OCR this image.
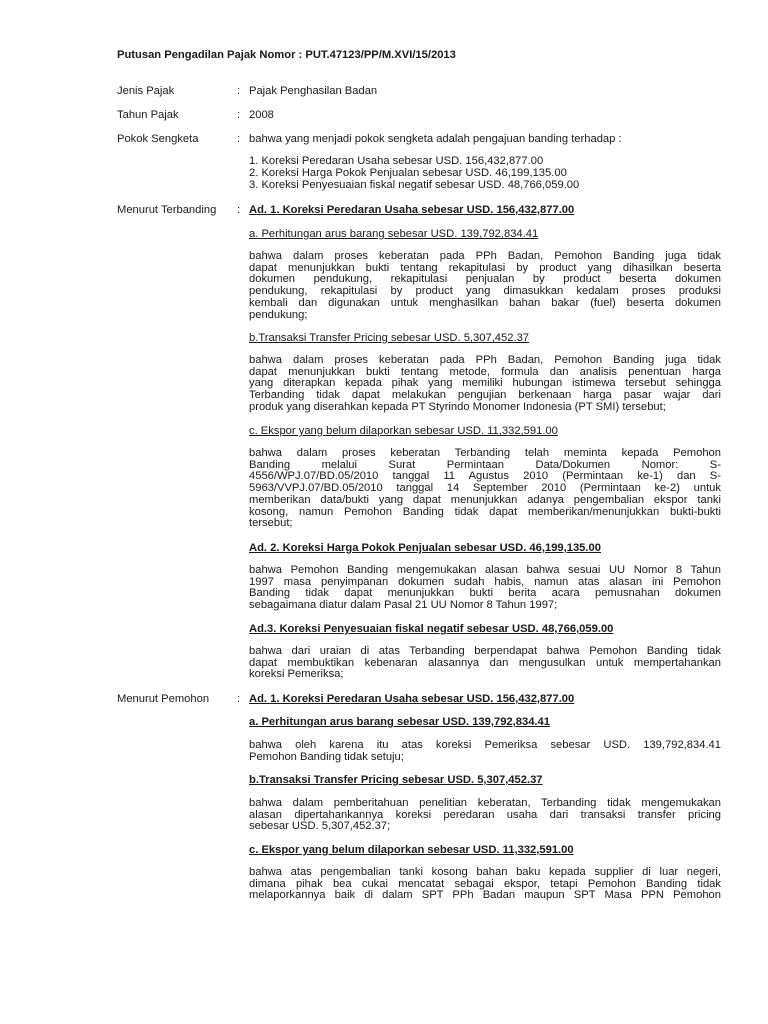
Putusan Pengadilan Pajak Nomor : PUT.47123/PP/M.XVI/15/2013
Jenis Pajak	: Pajak Penghasilan Badan
Tahun Pajak	: 2008
Pokok Sengketa	: bahwa yang menjadi pokok sengketa adalah pengajuan banding terhadap :
1. Koreksi Peredaran Usaha sebesar USD. 156,432,877.00
2. Koreksi Harga Pokok Penjualan sebesar USD. 46,199,135.00
3. Koreksi Penyesuaian fiskal negatif sebesar USD. 48,766,059.00
Menurut Terbanding : Ad. 1. Koreksi Peredaran Usaha sebesar USD. 156,432,877.00
a. Perhitungan arus barang sebesar USD. 139,792,834.41
bahwa dalam proses keberatan pada PPh Badan, Pemohon Banding juga tidak
dapat menunjukkan bukti tentang rekapitulasi by product yang dihasilkan beserta
dokumen pendukung, rekapitulasi penjualan by product beserta dokumen
pendukung, rekapitulasi by product yang dimasukkan kedalam proses produksi
kembali dan digunakan untuk menghasilkan bahan bakar (fuel) beserta dokumen
pendukung;
b.Transaksi Transfer Pricing sebesar USD. 5,307,452.37
bahwa dalam proses keberatan pada PPh Badan, Pemohon Banding juga tidak
dapat menunjukkan bukti tentang metode, formula dan analisis penentuan harga
yang diterapkan kepada pihak yang memiliki hubungan istimewa tersebut sehingga
Terbanding tidak dapat melakukan pengujian berkenaan harga pasar wajar dari
produk yang diserahkan kepada PT Styrindo Monomer Indonesia (PT SMI) tersebut;
c. Ekspor yang belum dilaporkan sebesar USD. 11,332,591.00
bahwa dalam proses keberatan Terbanding telah meminta kepada Pemohon
Banding melalui Surat Permintaan Data/Dokumen Nomor: S-
4556/WPJ.07/BD.05/2010 tanggal 11 Agustus 2010 (Permintaan ke-1) dan S-
5963/VVPJ.07/BD.05/2010 tanggal 14 September 2010 (Permintaan ke-2) untuk
memberikan data/bukti yang dapat menunjukkan adanya pengembalian ekspor tanki
kosong, namun Pemohon Banding tidak dapat memberikan/menunjukkan bukti-bukti
tersebut;
Ad. 2. Koreksi Harga Pokok Penjualan sebesar USD. 46,199,135.00
bahwa Pemohon Banding mengemukakan alasan bahwa sesuai UU Nomor 8 Tahun
1997 masa penyimpanan dokumen sudah habis, namun atas alasan ini Pemohon
Banding tidak dapat menunjukkan bukti berita acara pemusnahan dokumen
sebagaimana diatur dalam Pasal 21 UU Nomor 8 Tahun 1997;
Ad.3. Koreksi Penyesuaian fiskal negatif sebesar USD. 48,766,059.00
bahwa dari uraian di atas Terbanding berpendapat bahwa Pemohon Banding tidak
dapat membuktikan kebenaran alasannya dan mengusulkan untuk mempertahankan
koreksi Pemeriksa;
Menurut Pemohon : Ad. 1. Koreksi Peredaran Usaha sebesar USD. 156,432,877.00
a. Perhitungan arus barang sebesar USD. 139,792,834.41
bahwa oleh karena itu atas koreksi Pemeriksa sebesar USD. 139,792,834.41
Pemohon Banding tidak setuju;
b.Transaksi Transfer Pricing sebesar USD. 5,307,452.37
bahwa dalam pemberitahuan penelitian keberatan, Terbanding tidak mengemukakan
alasan dipertahankannya koreksi peredaran usaha dari transaksi transfer pricing
sebesar USD. 5,307,452.37;
c. Ekspor yang belum dilaporkan sebesar USD. 11,332,591.00
bahwa atas pengembalian tanki kosong bahan baku kepada supplier di luar negeri,
dimana pihak bea cukai mencatat sebagai ekspor, tetapi Pemohon Banding tidak
melaporkannya baik di dalam SPT PPh Badan maupun SPT Masa PPN Pemohon
